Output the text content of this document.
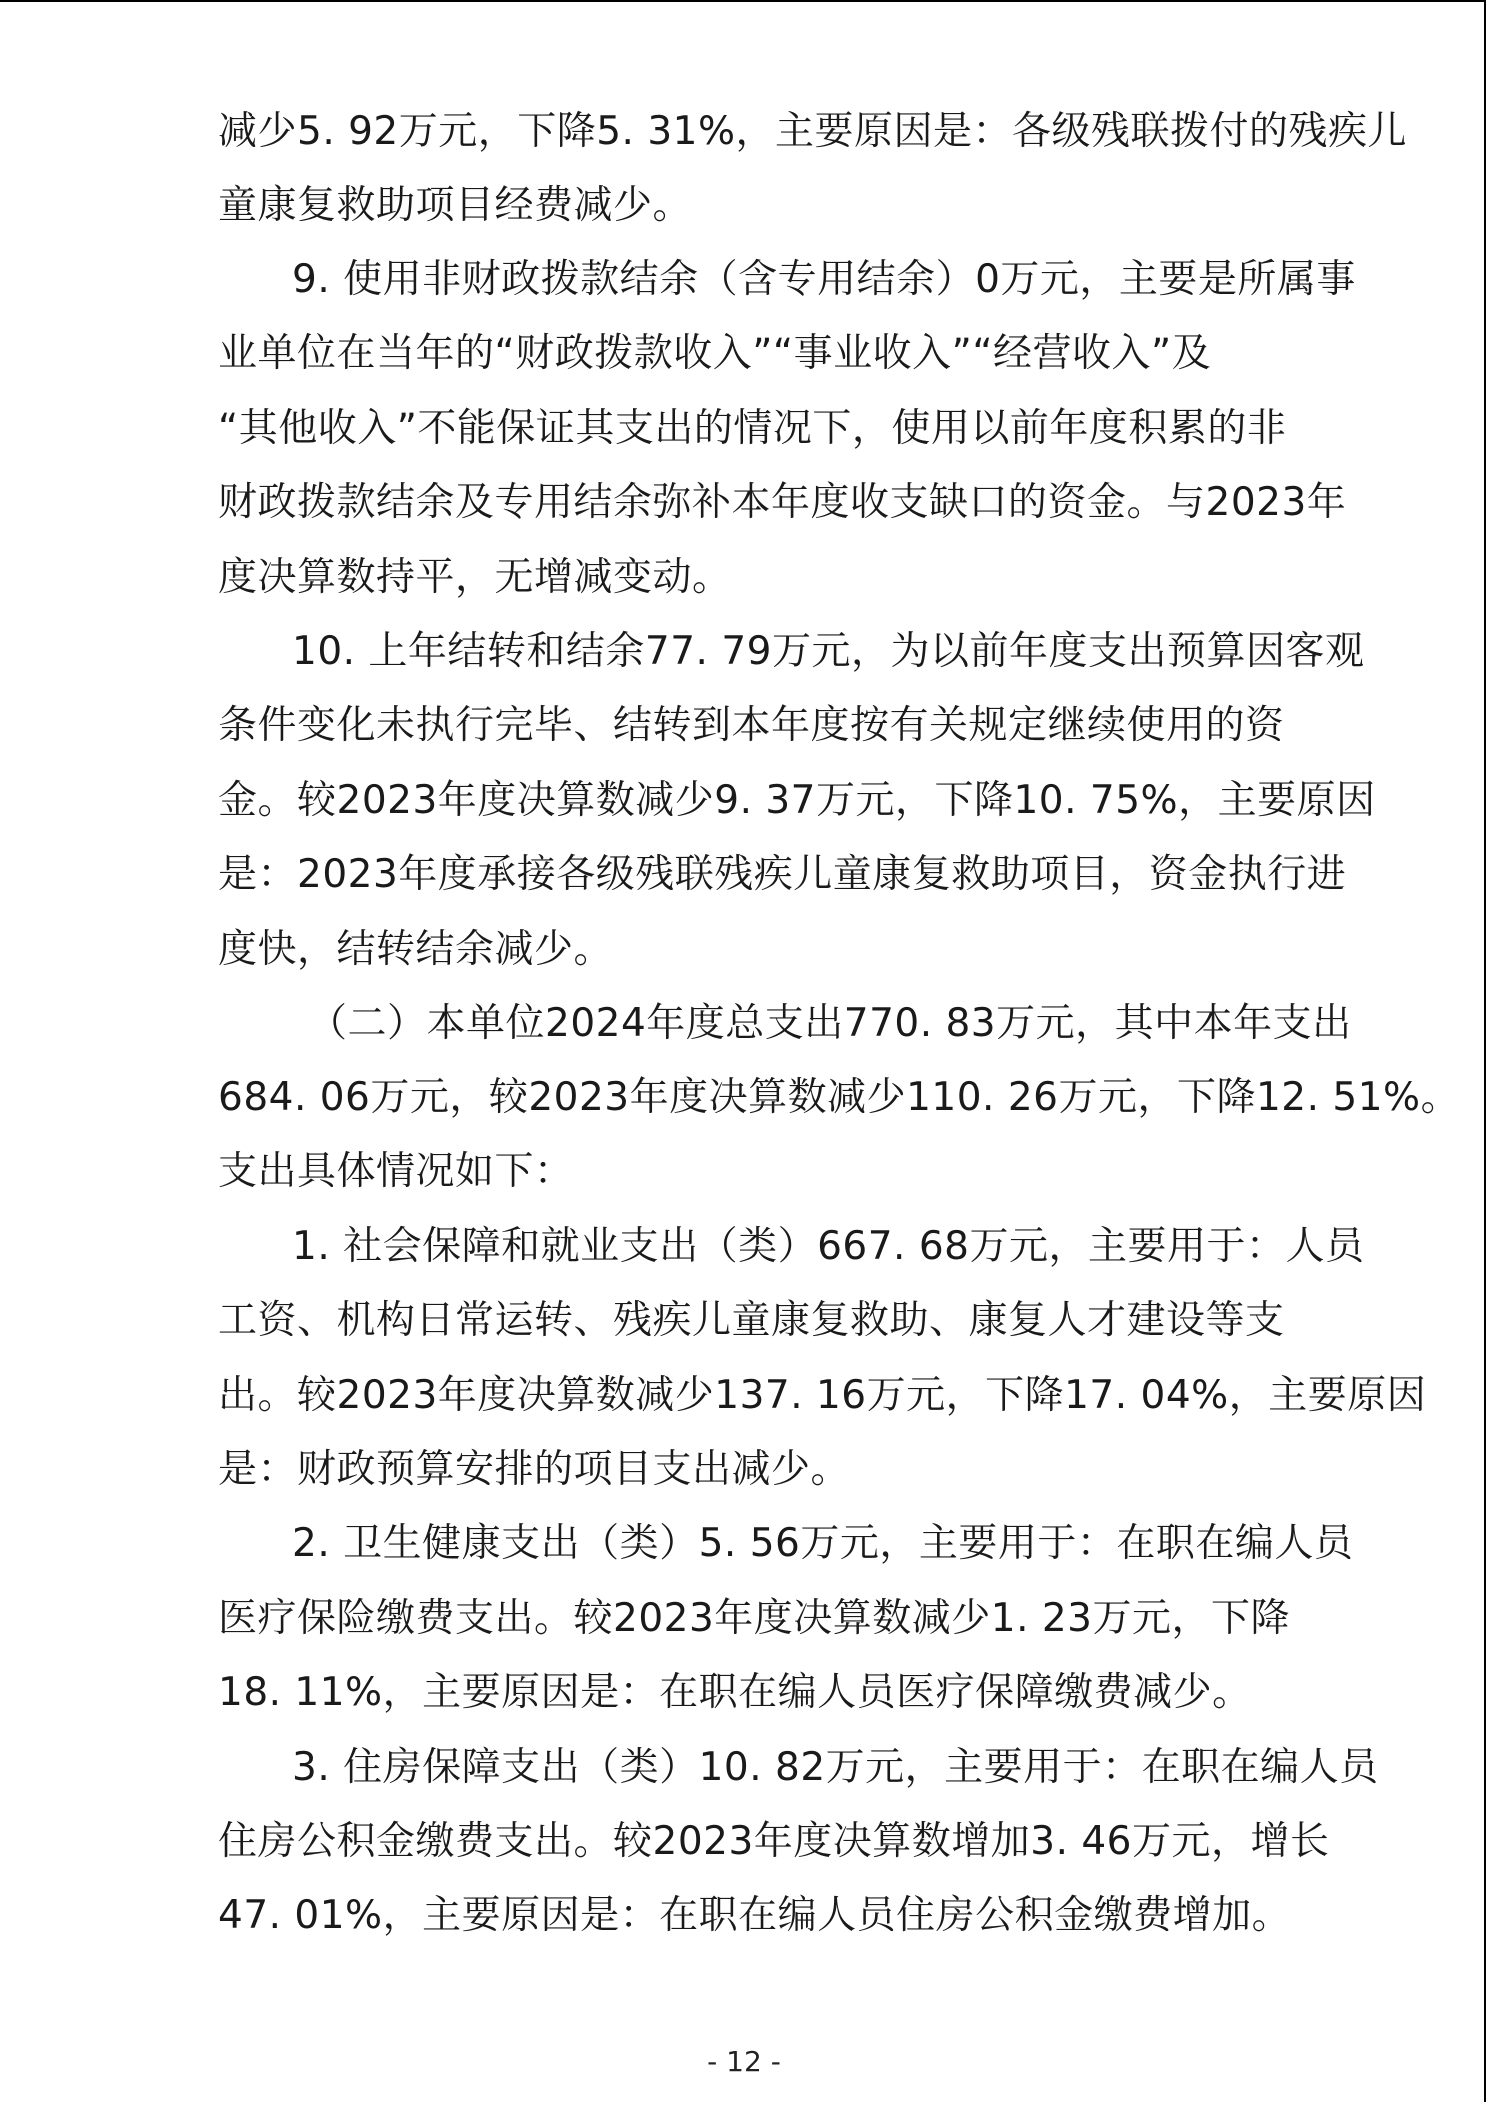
减少5. 92万元，下降5. 31%，主要原因是：各级残联拨付的残疾儿
童康复救助项目经费减少。
9. 使用非财政拨款结余（含专用结余）0万元，主要是所属事
业单位在当年的“财政拨款收入”“事业收入”“经营收入”及
“其他收入”不能保证其支出的情况下，使用以前年度积累的非
财政拨款结余及专用结余弥补本年度收支缺口的资金。与2023年
度决算数持平，无增减变动。
10. 上年结转和结余77. 79万元，为以前年度支出预算因客观
条件变化未执行完毕、结转到本年度按有关规定继续使用的资
金。较2023年度决算数减少9. 37万元，下降10. 75%，主要原因
是：2023年度承接各级残联残疾儿童康复救助项目，资金执行进
度快，结转结余减少。
（二）本单位2024年度总支出770. 83万元，其中本年支出
684. 06万元，较2023年度决算数减少110. 26万元，下降12. 51%。
支出具体情况如下：
1. 社会保障和就业支出（类）667. 68万元，主要用于：人员
工资、机构日常运转、残疾儿童康复救助、康复人才建设等支
出。较2023年度决算数减少137. 16万元，下降17. 04%，主要原因
是：财政预算安排的项目支出减少。
2. 卫生健康支出（类）5. 56万元，主要用于：在职在编人员
医疗保险缴费支出。较2023年度决算数减少1. 23万元，下降
18. 11%，主要原因是：在职在编人员医疗保障缴费减少。
3. 住房保障支出（类）10. 82万元，主要用于：在职在编人员
住房公积金缴费支出。较2023年度决算数增加3. 46万元，增长
47. 01%，主要原因是：在职在编人员住房公积金缴费增加。
- 12 -
